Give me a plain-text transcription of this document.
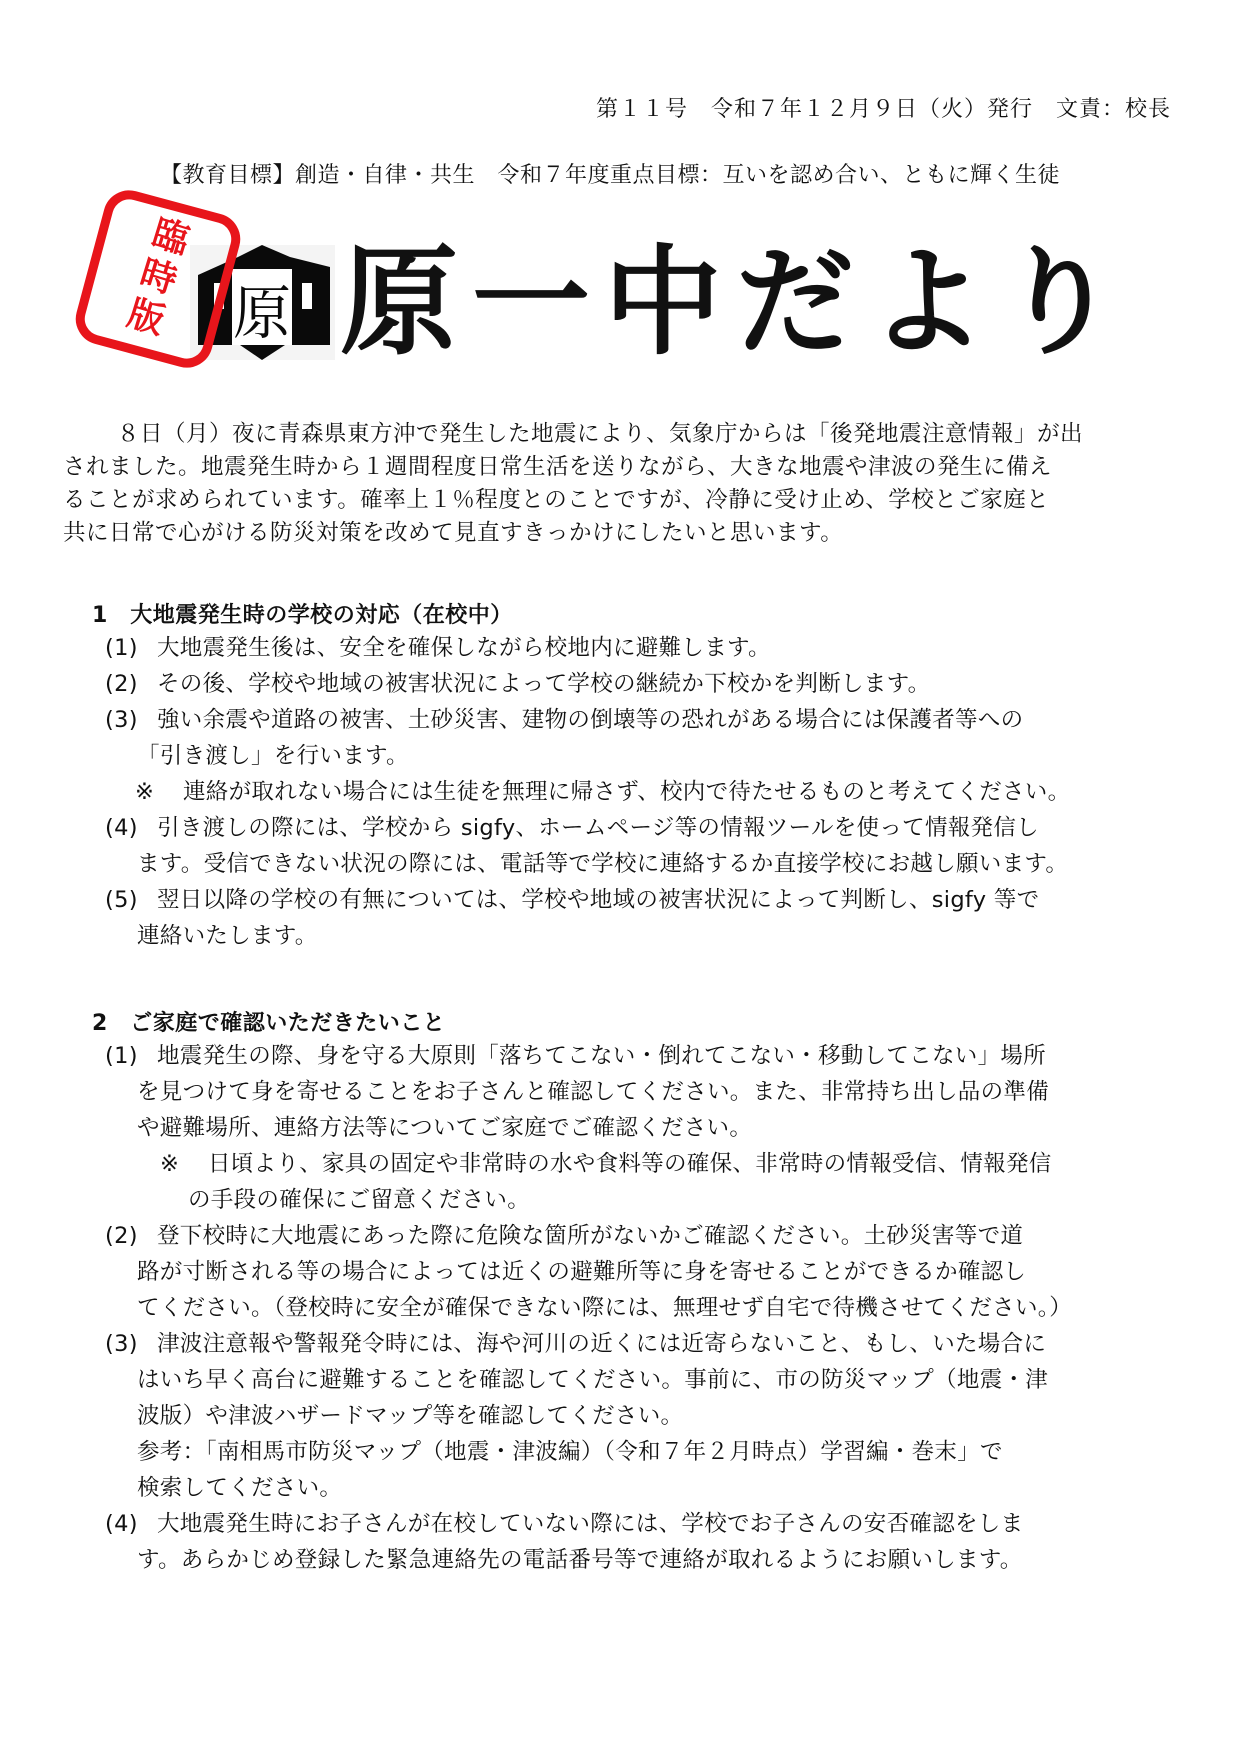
第１１号　令和７年１２月９日（火）発行　文責：校長
【教育目標】創造・自律・共生　令和７年度重点目標：互いを認め合い、ともに輝く生徒
臨
時
版 原 原一中だより
８日（月）夜に青森県東方沖で発生した地震により、気象庁からは「後発地震注意情報」が出
されました。地震発生時から１週間程度日常生活を送りながら、大きな地震や津波の発生に備え
ることが求められています。確率上１％程度とのことですが、冷静に受け止め、学校とご家庭と
共に日常で心がける防災対策を改めて見直すきっかけにしたいと思います。
1　大地震発生時の学校の対応（在校中）
(1) 大地震発生後は、安全を確保しながら校地内に避難します。
(2) その後、学校や地域の被害状況によって学校の継続か下校かを判断します。
(3) 強い余震や道路の被害、土砂災害、建物の倒壊等の恐れがある場合には保護者等への
「引き渡し」を行います。
※ 連絡が取れない場合には生徒を無理に帰さず、校内で待たせるものと考えてください。
(4) 引き渡しの際には、学校から sigfy、ホームページ等の情報ツールを使って情報発信し
ます。受信できない状況の際には、電話等で学校に連絡するか直接学校にお越し願います。
(5) 翌日以降の学校の有無については、学校や地域の被害状況によって判断し、sigfy 等で
連絡いたします。
2　ご家庭で確認いただきたいこと
(1) 地震発生の際、身を守る大原則「落ちてこない・倒れてこない・移動してこない」場所
を見つけて身を寄せることをお子さんと確認してください。また、非常持ち出し品の準備
や避難場所、連絡方法等についてご家庭でご確認ください。
※ 日頃より、家具の固定や非常時の水や食料等の確保、非常時の情報受信、情報発信
の手段の確保にご留意ください。
(2) 登下校時に大地震にあった際に危険な箇所がないかご確認ください。土砂災害等で道
路が寸断される等の場合によっては近くの避難所等に身を寄せることができるか確認し
てください。（登校時に安全が確保できない際には、無理せず自宅で待機させてください。）
(3) 津波注意報や警報発令時には、海や河川の近くには近寄らないこと、もし、いた場合に
はいち早く高台に避難することを確認してください。事前に、市の防災マップ（地震・津
波版）や津波ハザードマップ等を確認してください。
参考：「南相馬市防災マップ（地震・津波編）（令和７年２月時点）学習編・巻末」で
検索してください。
(4) 大地震発生時にお子さんが在校していない際には、学校でお子さんの安否確認をしま
す。あらかじめ登録した緊急連絡先の電話番号等で連絡が取れるようにお願いします。
